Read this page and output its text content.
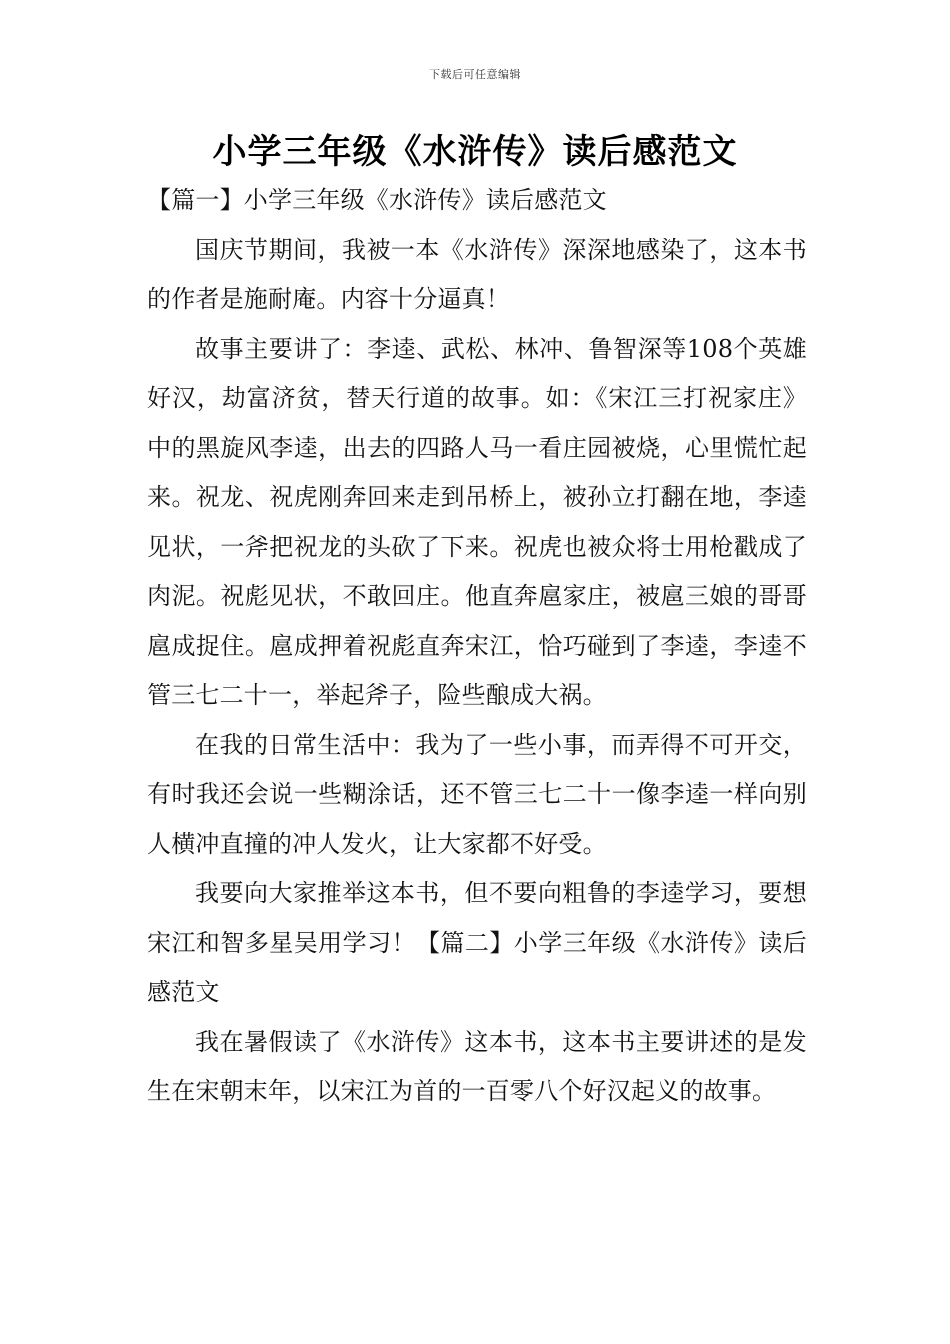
下载后可任意编辑
小学三年级《水浒传》读后感范文

【篇一】小学三年级《水浒传》读后感范文

国庆节期间，我被一本《水浒传》深深地感染了，这本书的作者是施耐庵。内容十分逼真！

故事主要讲了：李逵、武松、林冲、鲁智深等108个英雄好汉，劫富济贫，替天行道的故事。如：《宋江三打祝家庄》中的黑旋风李逵，出去的四路人马一看庄园被烧，心里慌忙起来。祝龙、祝虎刚奔回来走到吊桥上，被孙立打翻在地，李逵见状，一斧把祝龙的头砍了下来。祝虎也被众将士用枪戳成了肉泥。祝彪见状，不敢回庄。他直奔扈家庄，被扈三娘的哥哥扈成捉住。扈成押着祝彪直奔宋江，恰巧碰到了李逵，李逵不管三七二十一，举起斧子，险些酿成大祸。

在我的日常生活中：我为了一些小事，而弄得不可开交，有时我还会说一些糊涂话，还不管三七二十一像李逵一样向别人横冲直撞的冲人发火，让大家都不好受。

我要向大家推举这本书，但不要向粗鲁的李逵学习，要想宋江和智多星吴用学习！【篇二】小学三年级《水浒传》读后感范文

我在暑假读了《水浒传》这本书，这本书主要讲述的是发生在宋朝末年，以宋江为首的一百零八个好汉起义的故事。
